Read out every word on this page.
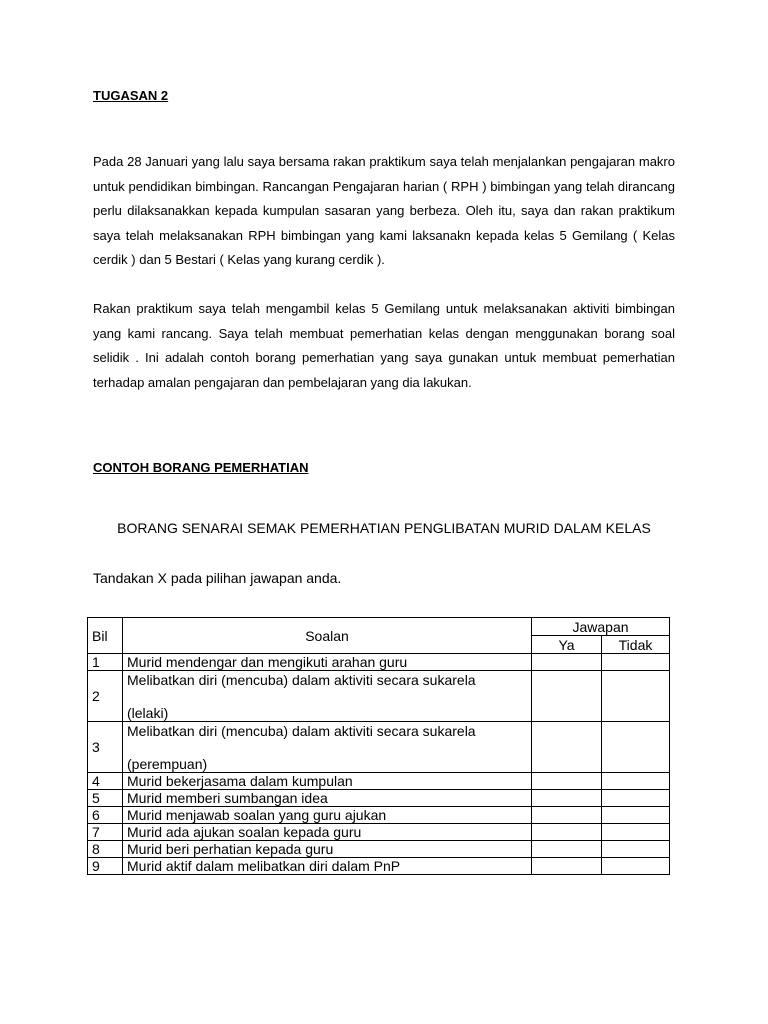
TUGASAN 2

Pada 28 Januari yang lalu saya bersama rakan praktikum saya telah menjalankan pengajaran makro untuk pendidikan bimbingan. Rancangan Pengajaran harian ( RPH ) bimbingan yang telah dirancang perlu dilaksanakkan kepada kumpulan sasaran yang berbeza. Oleh itu, saya dan rakan praktikum saya telah melaksanakan RPH bimbingan yang kami laksanakn kepada kelas 5 Gemilang ( Kelas cerdik ) dan 5 Bestari ( Kelas yang kurang cerdik ).

Rakan praktikum saya telah mengambil kelas 5 Gemilang untuk melaksanakan aktiviti bimbingan yang kami rancang. Saya telah membuat pemerhatian kelas dengan menggunakan borang soal selidik . Ini adalah contoh borang pemerhatian yang saya gunakan untuk membuat pemerhatian terhadap amalan pengajaran dan pembelajaran yang dia lakukan.

CONTOH BORANG PEMERHATIAN

BORANG SENARAI SEMAK PEMERHATIAN PENGLIBATAN MURID DALAM KELAS

Tandakan X pada pilihan jawapan anda.

Bil	Soalan	Jawapan	
		Ya	Tidak
1	Murid mendengar dan mengikuti arahan guru		
2	Melibatkan diri (mencuba) dalam aktiviti secara sukarela
(lelaki)		

3	Melibatkan diri (mencuba) dalam aktiviti secara sukarela
(perempuan)		

4	Murid bekerjasama dalam kumpulan		
5	Murid memberi sumbangan idea		
6	Murid menjawab soalan yang guru ajukan		
7	Murid ada ajukan soalan kepada guru		
8	Murid beri perhatian kepada guru		
9	Murid aktif dalam melibatkan diri dalam PnP		
